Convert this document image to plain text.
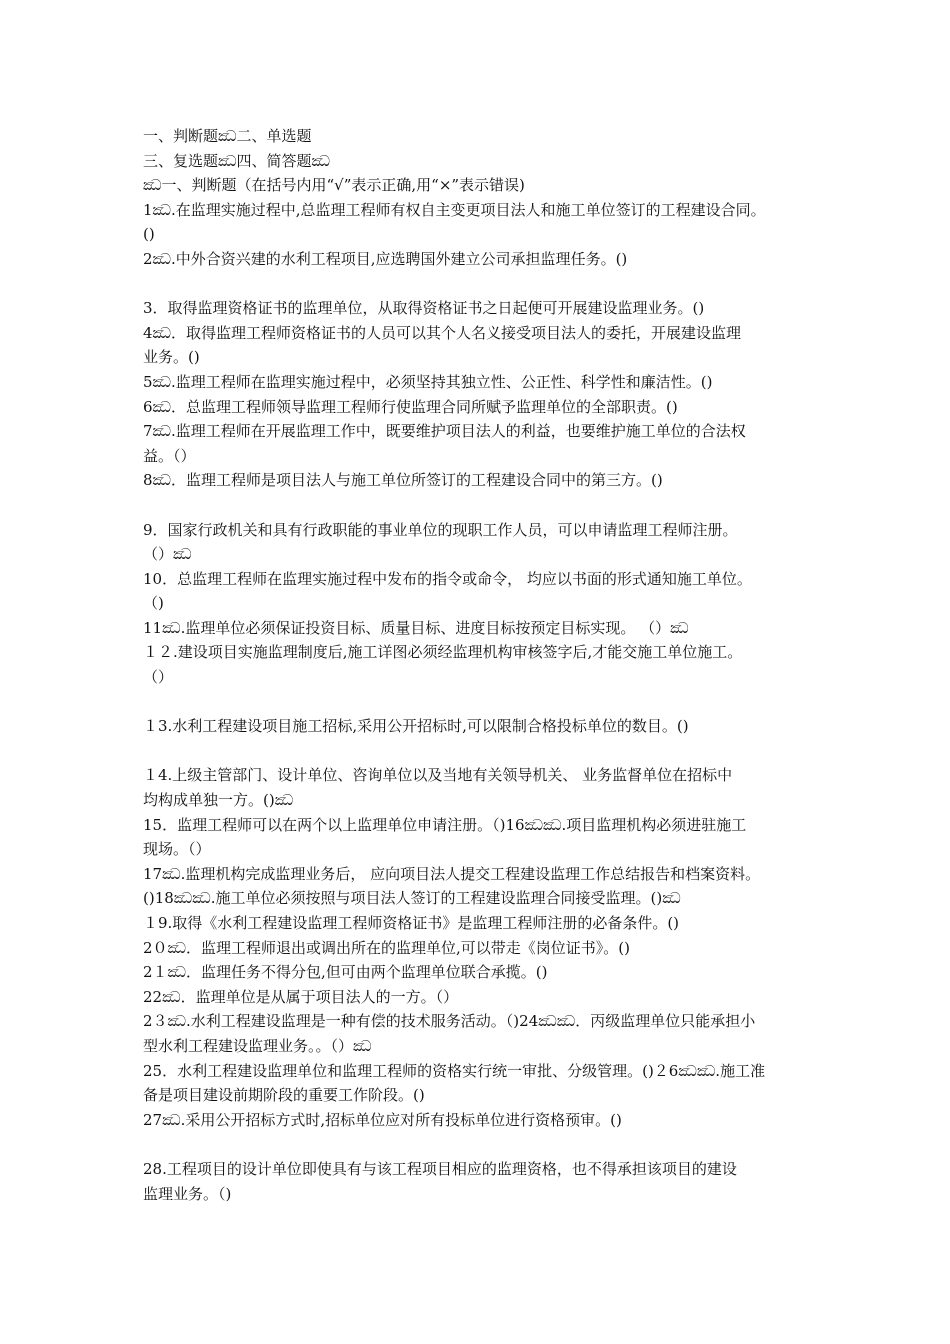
一、判断题ඣ二、单选题
三、复选题ඣ四、简答题ඣ
ඣ一、判断题（在括号内用“√”表示正确,用“×”表示错误)
1ඣ.在监理实施过程中,总监理工程师有权自主变更项目法人和施工单位签订的工程建设合同。
()
2ඣ.中外合资兴建的水利工程项目,应选聘国外建立公司承担监理任务。()
3．取得监理资格证书的监理单位，从取得资格证书之日起便可开展建设监理业务。()
4ඣ．取得监理工程师资格证书的人员可以其个人名义接受项目法人的委托，开展建设监理
业务。()
5ඣ.监理工程师在监理实施过程中，必须坚持其独立性、公正性、科学性和廉洁性。()
6ඣ．总监理工程师领导监理工程师行使监理合同所赋予监理单位的全部职责。()
7ඣ.监理工程师在开展监理工作中，既要维护项目法人的利益，也要维护施工单位的合法权
益。（）
8ඣ．监理工程师是项目法人与施工单位所签订的工程建设合同中的第三方。()
9．国家行政机关和具有行政职能的事业单位的现职工作人员，可以申请监理工程师注册。
（）ඣ
10．总监理工程师在监理实施过程中发布的指令或命令， 均应以书面的形式通知施工单位。
（)
11ඣ.监理单位必须保证投资目标、质量目标、进度目标按预定目标实现。 （）ඣ
１２.建设项目实施监理制度后,施工详图必须经监理机构审核签字后,才能交施工单位施工。
（）
１3.水利工程建设项目施工招标,采用公开招标时,可以限制合格投标单位的数目。()
１4.上级主管部门、设计单位、咨询单位以及当地有关领导机关、 业务监督单位在招标中
均构成单独一方。()ඣ
15．监理工程师可以在两个以上监理单位申请注册。（)16ඣඣ.项目监理机构必须进驻施工
现场。（）
17ඣ.监理机构完成监理业务后， 应向项目法人提交工程建设监理工作总结报告和档案资料。
()18ඣඣ.施工单位必须按照与项目法人签订的工程建设监理合同接受监理。()ඣ
１9.取得《水利工程建设监理工程师资格证书》是监理工程师注册的必备条件。()
2０ඣ．监理工程师退出或调出所在的监理单位,可以带走《岗位证书》。()
2１ඣ．监理任务不得分包,但可由两个监理单位联合承揽。()
22ඣ．监理单位是从属于项目法人的一方。（）
2３ඣ.水利工程建设监理是一种有偿的技术服务活动。（)24ඣඣ．丙级监理单位只能承担小
型水利工程建设监理业务。。（）ඣ
25．水利工程建设监理单位和监理工程师的资格实行统一审批、分级管理。()２6ඣඣ.施工准
备是项目建设前期阶段的重要工作阶段。()
27ඣ.采用公开招标方式时,招标单位应对所有投标单位进行资格预审。()
28.工程项目的设计单位即使具有与该工程项目相应的监理资格，也不得承担该项目的建设
监理业务。（)
